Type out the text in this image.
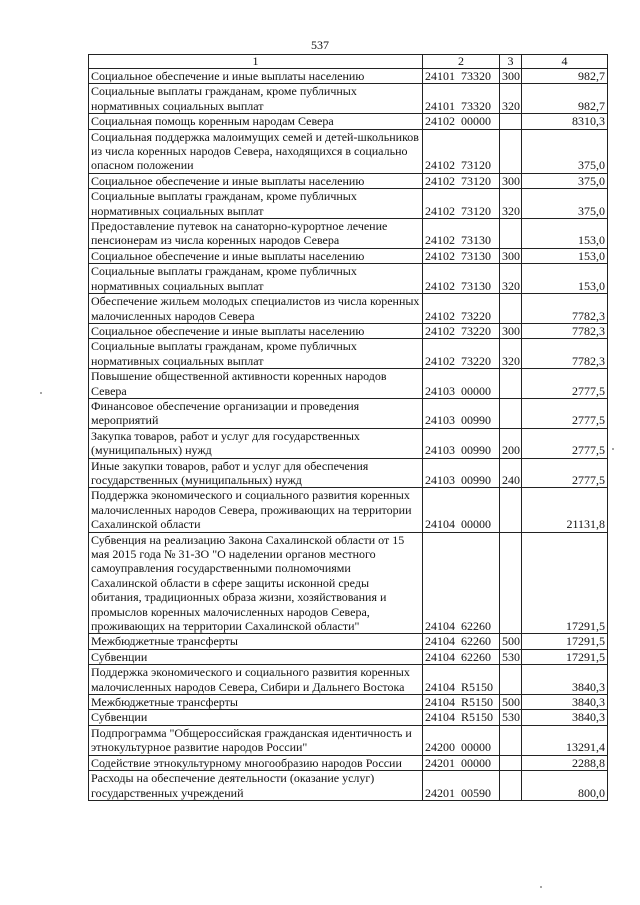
537
1	2	3	4
Социальное обеспечение и иные выплаты населению	24101 73320	300	982,7
Социальные выплаты гражданам, кроме публичных нормативных социальных выплат	24101 73320	320	982,7
Социальная помощь коренным народам Севера	24102 00000		8310,3
Социальная поддержка малоимущих семей и детей-школьников из числа коренных народов Севера, находящихся в социально опасном положении	24102 73120		375,0
Социальное обеспечение и иные выплаты населению	24102 73120	300	375,0
Социальные выплаты гражданам, кроме публичных нормативных социальных выплат	24102 73120	320	375,0
Предоставление путевок на санаторно-курортное лечение пенсионерам из числа коренных народов Севера	24102 73130		153,0
Социальное обеспечение и иные выплаты населению	24102 73130	300	153,0
Социальные выплаты гражданам, кроме публичных нормативных социальных выплат	24102 73130	320	153,0
Обеспечение жильем молодых специалистов из числа коренных малочисленных народов Севера	24102 73220		7782,3
Социальное обеспечение и иные выплаты населению	24102 73220	300	7782,3
Социальные выплаты гражданам, кроме публичных нормативных социальных выплат	24102 73220	320	7782,3
Повышение общественной активности коренных народов Севера	24103 00000		2777,5
Финансовое обеспечение организации и проведения мероприятий	24103 00990		2777,5
Закупка товаров, работ и услуг для государственных (муниципальных) нужд	24103 00990	200	2777,5
Иные закупки товаров, работ и услуг для обеспечения государственных (муниципальных) нужд	24103 00990	240	2777,5
Поддержка экономического и социального развития коренных малочисленных народов Севера, проживающих на территории Сахалинской области	24104 00000		21131,8
Субвенция на реализацию Закона Сахалинской области от 15 мая 2015 года № 31-ЗО "О наделении органов местного самоуправления государственными полномочиями Сахалинской области в сфере защиты исконной среды обитания, традиционных образа жизни, хозяйствования и промыслов коренных малочисленных народов Севера, проживающих на территории Сахалинской области"	24104 62260		17291,5
Межбюджетные трансферты	24104 62260	500	17291,5
Субвенции	24104 62260	530	17291,5
Поддержка экономического и социального развития коренных малочисленных народов Севера, Сибири и Дальнего Востока	24104 R5150		3840,3
Межбюджетные трансферты	24104 R5150	500	3840,3
Субвенции	24104 R5150	530	3840,3
Подпрограмма "Общероссийская гражданская идентичность и этнокультурное развитие народов России"	24200 00000		13291,4
Содействие этнокультурному многообразию народов России	24201 00000		2288,8
Расходы на обеспечение деятельности (оказание услуг) государственных учреждений	24201 00590		800,0
